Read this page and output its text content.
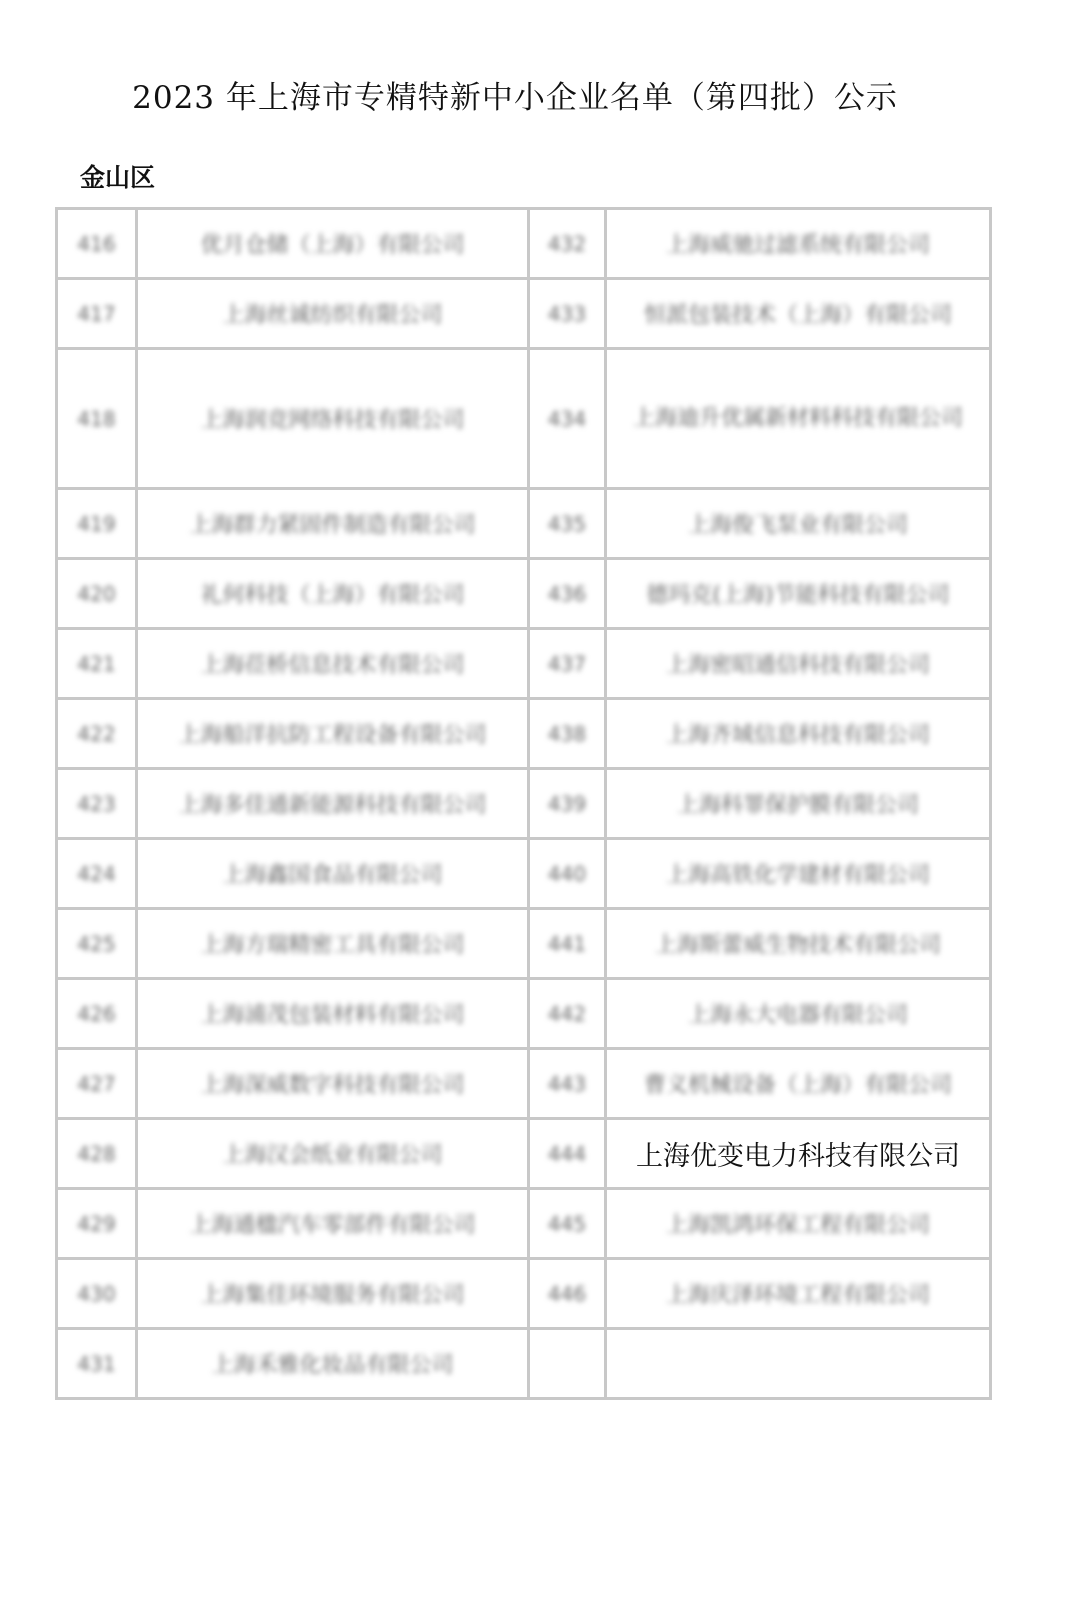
2023 年上海市专精特新中小企业名单（第四批）公示
金山区
416	优月仓储（上海）有限公司	432	上海威驰过滤系统有限公司
417	上海丝诚纺织有限公司	433	恒派包装技术（上海）有限公司
418	上海润竞网络科技有限公司	434	上海迪升优属新材料科技有限公司
419	上海群力紧固件制造有限公司	435	上海俊飞泵业有限公司
420	礼何科技（上海）有限公司	436	德玛克(上海)节能科技有限公司
421	上海莅桥信息技术有限公司	437	上海密昭通信科技有限公司
422	上海船洋抗防工程设备有限公司	438	上海齐域信息科技有限公司
423	上海多佳通新能源科技有限公司	439	上海科罪保护膜有限公司
424	上海鑫国食品有限公司	440	上海高铁化学建材有限公司
425	上海方瑞精密工具有限公司	441	上海斯蕾威生物技术有限公司
426	上海浦茂包装材料有限公司	442	上海永大电器有限公司
427	上海深威数字科技有限公司	443	曹义机械设备（上海）有限公司
428	上海汉会纸业有限公司	444	上海优变电力科技有限公司
429	上海通楹汽车零部件有限公司	445	上海凯鸿环保工程有限公司
430	上海集佳环境服务有限公司	446	上海庆泽环境工程有限公司
431	上海禾雅化妆品有限公司		
